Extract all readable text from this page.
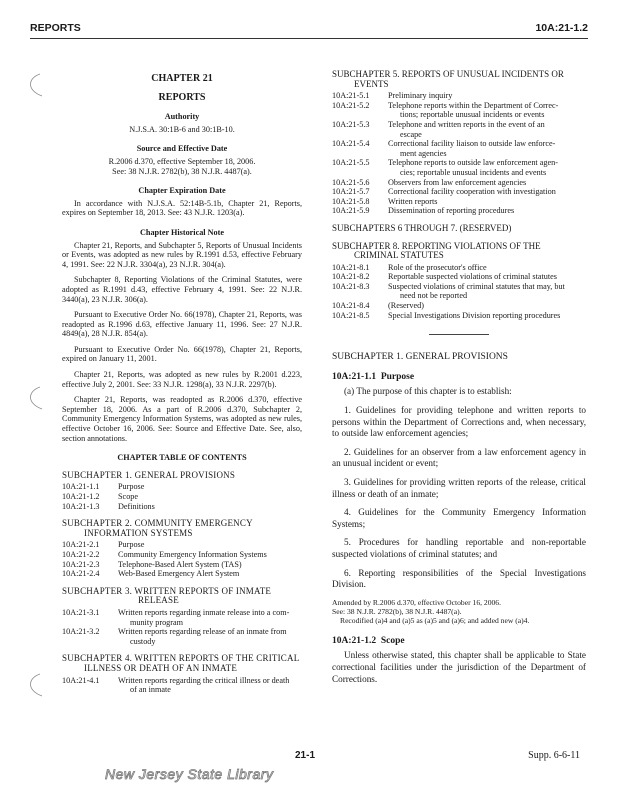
REPORTS	10A:21-1.2
CHAPTER 21
REPORTS
Authority
N.J.S.A. 30:1B-6 and 30:1B-10.
Source and Effective Date
R.2006 d.370, effective September 18, 2006.
See: 38 N.J.R. 2782(b), 38 N.J.R. 4487(a).
Chapter Expiration Date

In accordance with N.J.S.A. 52:14B-5.1b, Chapter 21, Reports, expires on September 18, 2013. See: 43 N.J.R. 1203(a).

Chapter Historical Note

Chapter 21, Reports, and Subchapter 5, Reports of Unusual Incidents or Events, was adopted as new rules by R.1991 d.53, effective February 4, 1991. See: 22 N.J.R. 3304(a), 23 N.J.R. 304(a).

Subchapter 8, Reporting Violations of the Criminal Statutes, were adopted as R.1991 d.43, effective February 4, 1991. See: 22 N.J.R. 3440(a), 23 N.J.R. 306(a).

Pursuant to Executive Order No. 66(1978), Chapter 21, Reports, was readopted as R.1996 d.63, effective January 11, 1996. See: 27 N.J.R. 4849(a), 28 N.J.R. 854(a).

Pursuant to Executive Order No. 66(1978), Chapter 21, Reports, expired on January 11, 2001.

Chapter 21, Reports, was adopted as new rules by R.2001 d.223, effective July 2, 2001. See: 33 N.J.R. 1298(a), 33 N.J.R. 2297(b).

Chapter 21, Reports, was readopted as R.2006 d.370, effective September 18, 2006. As a part of R.2006 d.370, Subchapter 2, Community Emergency Information Systems, was adopted as new rules, effective October 16, 2006. See: Source and Effective Date. See, also, section annotations.

CHAPTER TABLE OF CONTENTS
SUBCHAPTER 1. GENERAL PROVISIONS
10A:21-1.1	Purpose
10A:21-1.2	Scope
10A:21-1.3	Definitions
SUBCHAPTER 2. COMMUNITY EMERGENCY
INFORMATION SYSTEMS
10A:21-2.1	Purpose
10A:21-2.2	Community Emergency Information Systems
10A:21-2.3	Telephone-Based Alert System (TAS)
10A:21-2.4	Web-Based Emergency Alert System
SUBCHAPTER 3. WRITTEN REPORTS OF INMATE
RELEASE
10A:21-3.1	Written reports regarding inmate release into a com-
munity program
10A:21-3.2	Written reports regarding release of an inmate from
custody
SUBCHAPTER 4. WRITTEN REPORTS OF THE CRITICAL
ILLNESS OR DEATH OF AN INMATE
10A:21-4.1	Written reports regarding the critical illness or death
of an inmate
SUBCHAPTER 5. REPORTS OF UNUSUAL INCIDENTS OR
EVENTS
10A:21-5.1	Preliminary inquiry
10A:21-5.2	Telephone reports within the Department of Correc-
tions; reportable unusual incidents or events
10A:21-5.3	Telephone and written reports in the event of an
escape
10A:21-5.4	Correctional facility liaison to outside law enforce-
ment agencies
10A:21-5.5	Telephone reports to outside law enforcement agen-
cies; reportable unusual incidents and events
10A:21-5.6	Observers from law enforcement agencies
10A:21-5.7	Correctional facility cooperation with investigation
10A:21-5.8	Written reports
10A:21-5.9	Dissemination of reporting procedures
SUBCHAPTERS 6 THROUGH 7. (RESERVED)
SUBCHAPTER 8. REPORTING VIOLATIONS OF THE
CRIMINAL STATUTES
10A:21-8.1	Role of the prosecutor's office
10A:21-8.2	Reportable suspected violations of criminal statutes
10A:21-8.3	Suspected violations of criminal statutes that may, but
need not be reported
10A:21-8.4	(Reserved)
10A:21-8.5	Special Investigations Division reporting procedures
SUBCHAPTER 1. GENERAL PROVISIONS
10A:21-1.1 Purpose

(a) The purpose of this chapter is to establish:

1. Guidelines for providing telephone and written reports to persons within the Department of Corrections and, when necessary, to outside law enforcement agencies;

2. Guidelines for an observer from a law enforcement agency in an unusual incident or event;

3. Guidelines for providing written reports of the release, critical illness or death of an inmate;

4. Guidelines for the Community Emergency Information Systems;

5. Procedures for handling reportable and non-reportable suspected violations of criminal statutes; and

6. Reporting responsibilities of the Special Investigations Division.

Amended by R.2006 d.370, effective October 16, 2006.
See: 38 N.J.R. 2782(b), 38 N.J.R. 4487(a).
Recodified (a)4 and (a)5 as (a)5 and (a)6; and added new (a)4.
10A:21-1.2 Scope

Unless otherwise stated, this chapter shall be applicable to State correctional facilities under the jurisdiction of the Department of Corrections.

21-1	Supp. 6-6-11
New Jersey State Library
